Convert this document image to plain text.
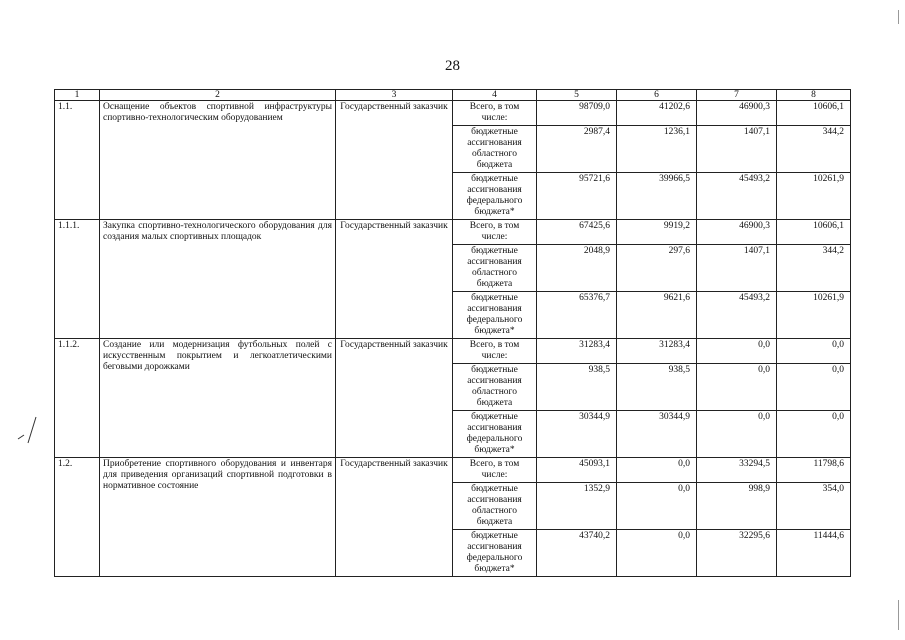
28
1	2	3	4	5	6	7	8
1.1.	Оснащение объектов спортивной инфраструктуры спортивно-технологическим оборудованием	Государственный заказчик	Всего, в том числе:	98709,0	41202,6	46900,3	10606,1
			бюджетные ассигнования областного бюджета	2987,4	1236,1	1407,1	344,2
			бюджетные ассигнования федерального бюджета*	95721,6	39966,5	45493,2	10261,9
1.1.1.	Закупка спортивно-технологического оборудования для создания малых спортивных площадок	Государственный заказчик	Всего, в том числе:	67425,6	9919,2	46900,3	10606,1
			бюджетные ассигнования областного бюджета	2048,9	297,6	1407,1	344,2
			бюджетные ассигнования федерального бюджета*	65376,7	9621,6	45493,2	10261,9
1.1.2.	Создание или модернизация футбольных полей с искусственным покрытием и легкоатлетическими беговыми дорожками	Государственный заказчик	Всего, в том числе:	31283,4	31283,4	0,0	0,0
			бюджетные ассигнования областного бюджета	938,5	938,5	0,0	0,0
			бюджетные ассигнования федерального бюджета*	30344,9	30344,9	0,0	0,0
1.2.	Приобретение спортивного оборудования и инвентаря для приведения организаций спортивной подготовки в нормативное состояние	Государственный заказчик	Всего, в том числе:	45093,1	0,0	33294,5	11798,6
			бюджетные ассигнования областного бюджета	1352,9	0,0	998,9	354,0
			бюджетные ассигнования федерального бюджета*	43740,2	0,0	32295,6	11444,6
